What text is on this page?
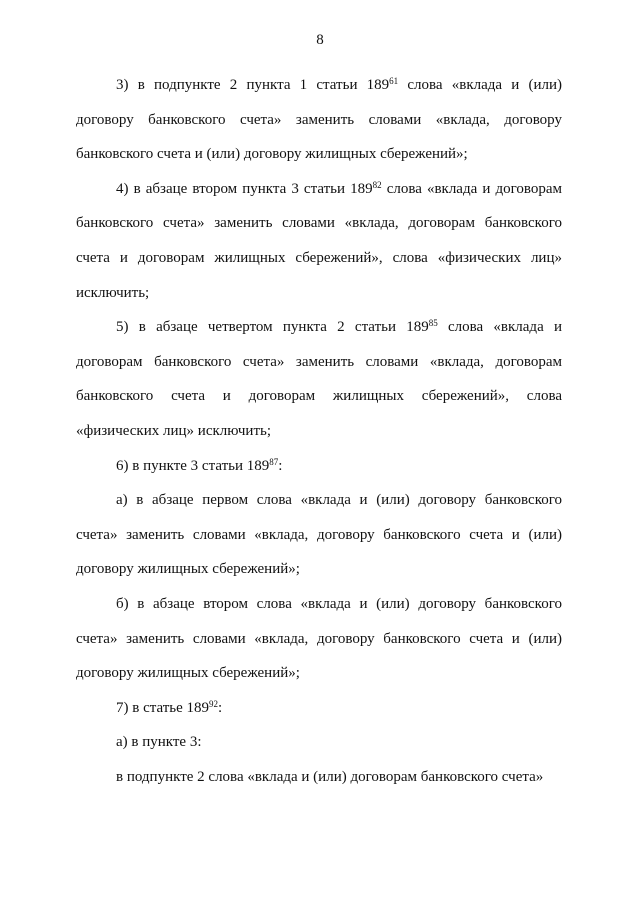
8

3) в подпункте 2 пункта 1 статьи $189^{61}$ слова «вклада и (или) договору банковского счета» заменить словами «вклада, договору банковского счета и (или) договору жилищных сбережений»;

4) в абзаце втором пункта 3 статьи $189^{82}$ слова «вклада и договорам банковского счета» заменить словами «вклада, договорам банковского счета и договорам жилищных сбережений», слова «физических лиц» исключить;

5) в абзаце четвертом пункта 2 статьи $189^{85}$ слова «вклада и договорам банковского счета» заменить словами «вклада, договорам банковского счета и договорам жилищных сбережений», слова «физических лиц» исключить;

6) в пункте 3 статьи $189^{87}$:

а) в абзаце первом слова «вклада и (или) договору банковского счета» заменить словами «вклада, договору банковского счета и (или) договору жилищных сбережений»;

б) в абзаце втором слова «вклада и (или) договору банковского счета» заменить словами «вклада, договору банковского счета и (или) договору жилищных сбережений»;

7) в статье $189^{92}$:

а) в пункте 3:

в подпункте 2 слова «вклада и (или) договорам банковского счета»
